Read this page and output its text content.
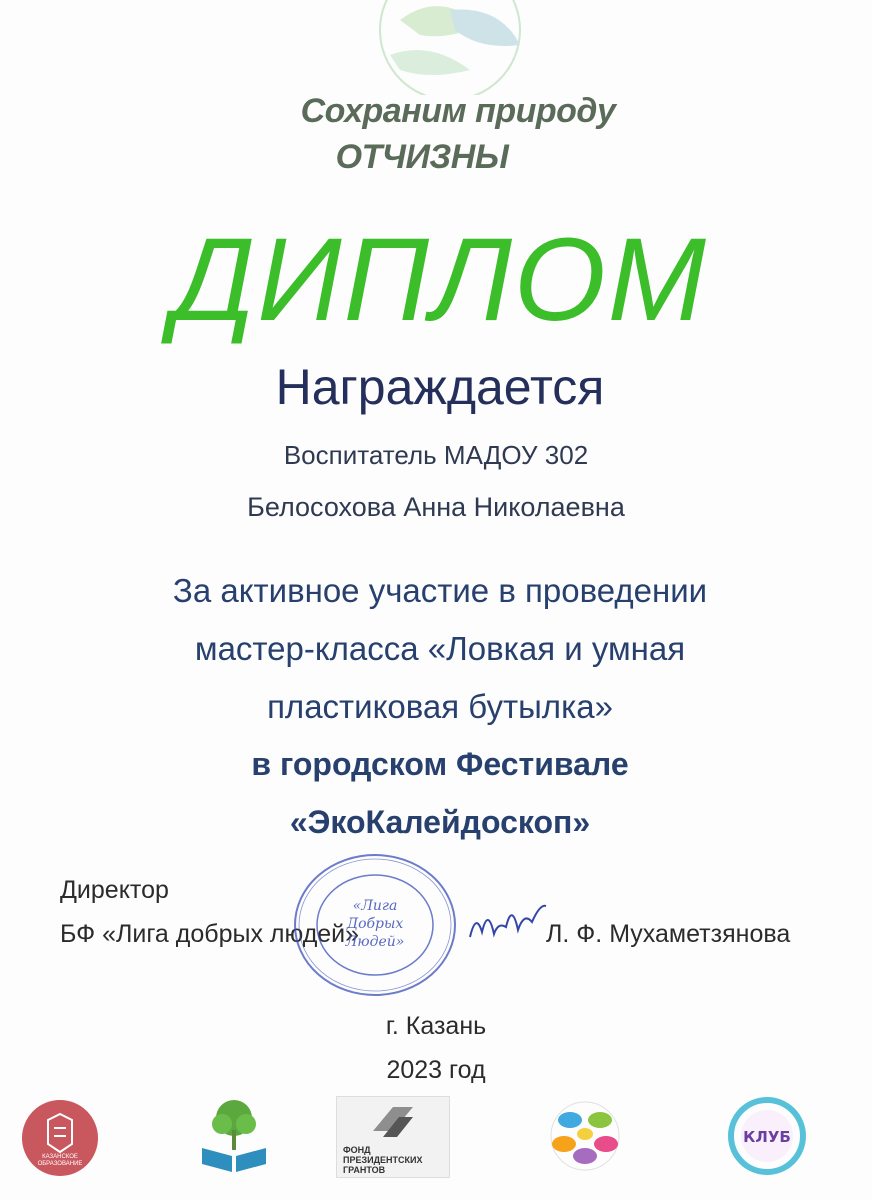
Сохраним природу
ОТЧИЗНЫ
ДИПЛОМ
Награждается
Воспитатель МАДОУ 302
Белосохова Анна Николаевна
За активное участие в проведении
мастер-класса «Ловкая и умная
пластиковая бутылка»
в городском Фестивале
«ЭкоКалейдоскоп»
Директор
БФ «Лига добрых людей»
«Лига
Добрых
Людей»	Л. Ф. Мухаметзянова
г. Казань
2023 год
КАЗАНСКОЕ ОБРАЗОВАНИЕ
ФОНД
ПРЕЗИДЕНТСКИХ
ГРАНТОВ
КЛУБ
